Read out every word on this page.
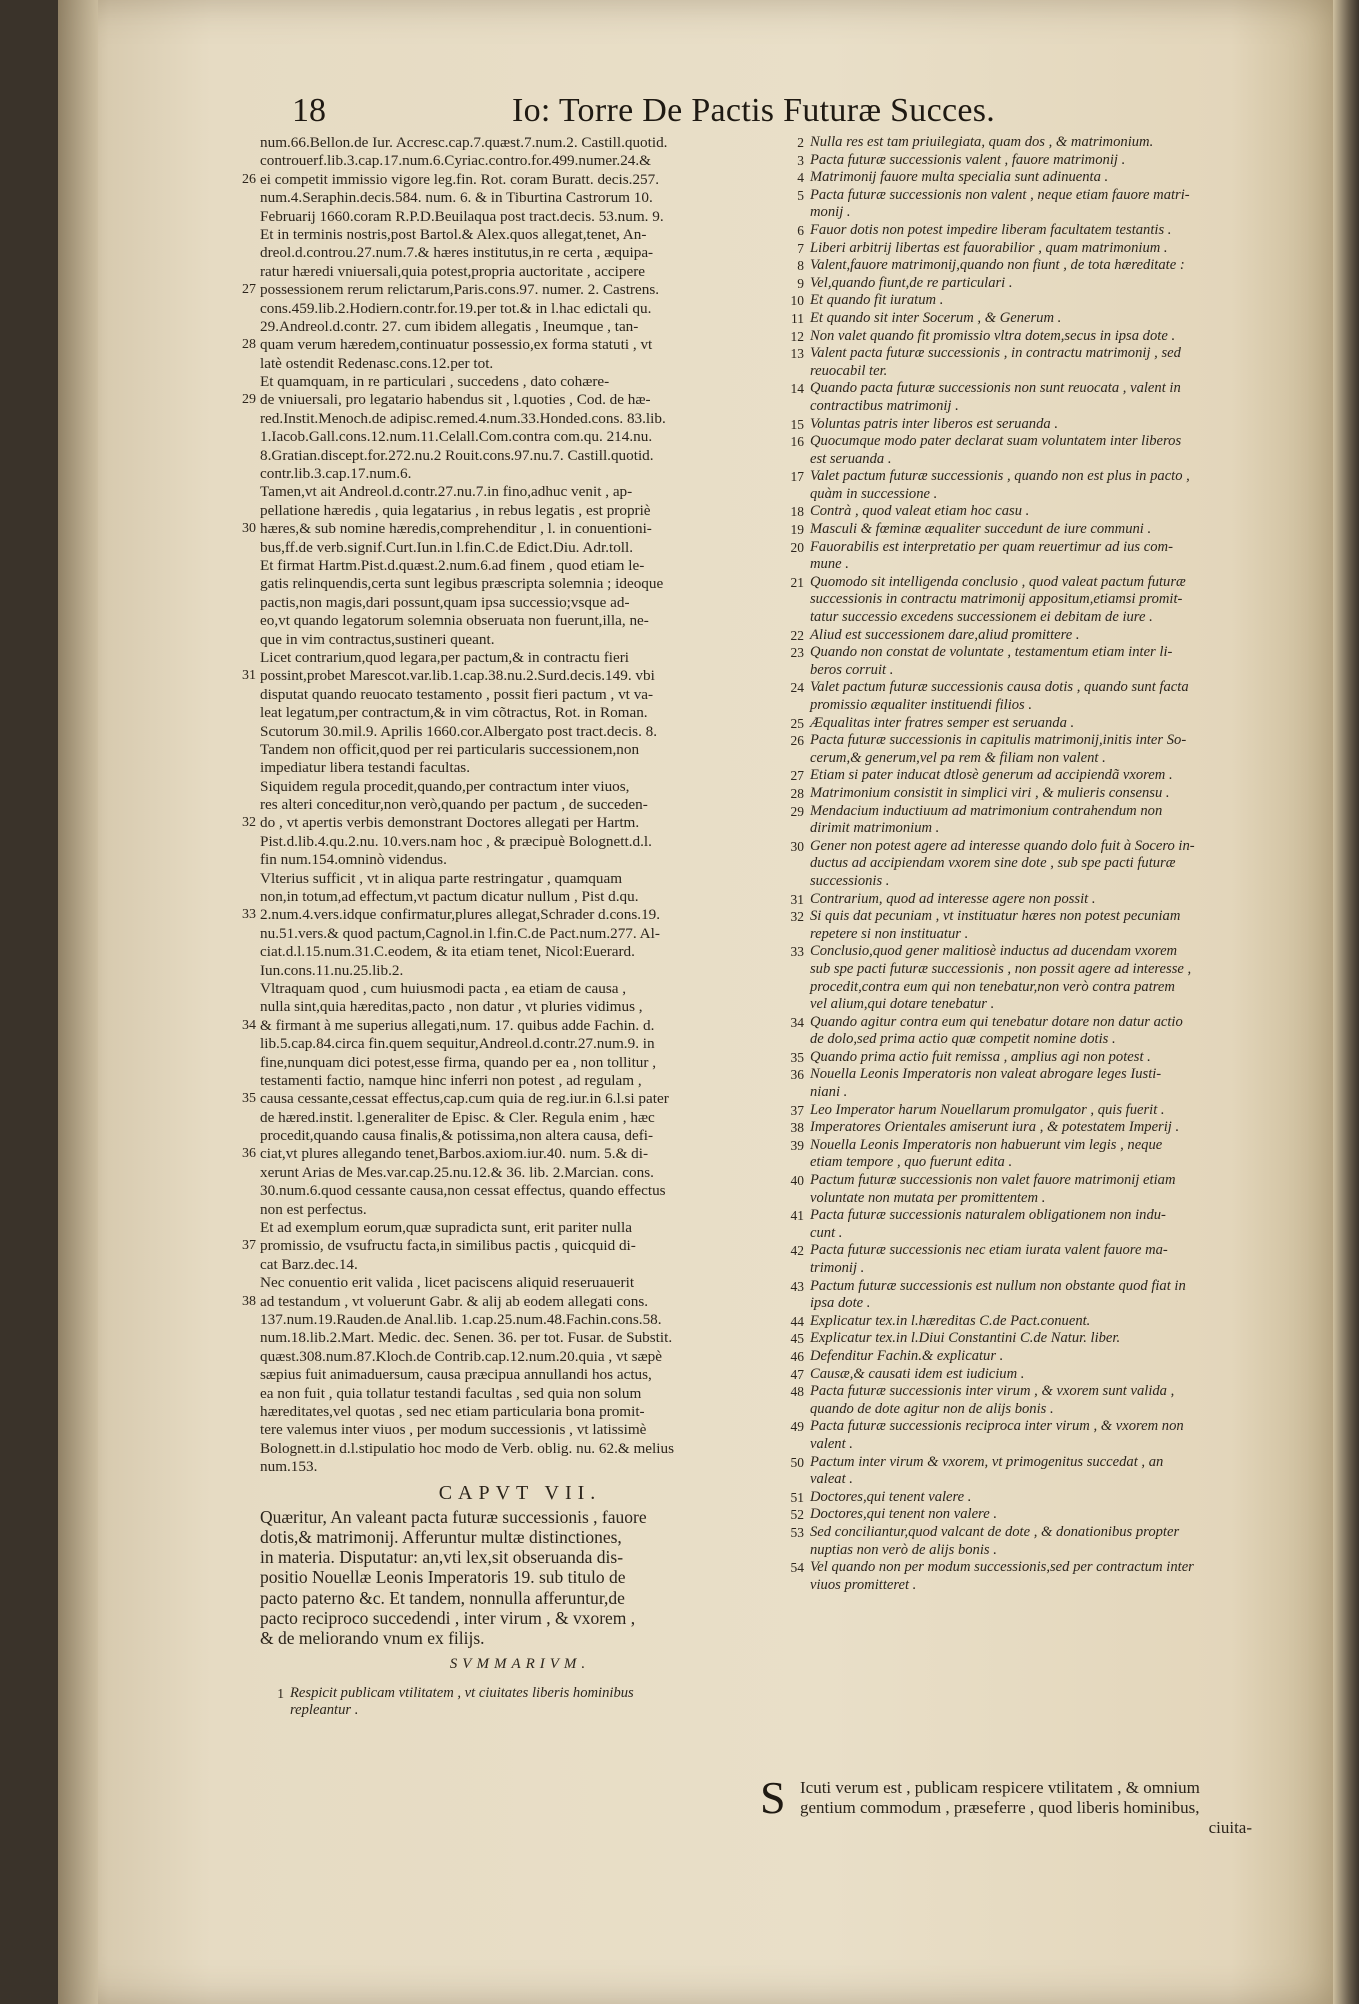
18	Io: Torre De Pactis Futuræ Succes.
num.66.Bellon.de Iur. Accresc.cap.7.quæst.7.num.2. Castill.quotid.
controuerf.lib.3.cap.17.num.6.Cyriac.contro.for.499.numer.24.&
26 ei competit immissio vigore leg.fin. Rot. coram Buratt. decis.257.
num.4.Seraphin.decis.584. num. 6. & in Tiburtina Castrorum 10.
Februarij 1660.coram R.P.D.Beuilaqua post tract.decis. 53.num. 9.
Et in terminis nostris,post Bartol.& Alex.quos allegat,tenet, An-
dreol.d.controu.27.num.7.& hæres institutus,in re certa , æquipa-
ratur hæredi vniuersali,quia potest,propria auctoritate , accipere
27 possessionem rerum relictarum,Paris.cons.97. numer. 2. Castrens.
cons.459.lib.2.Hodiern.contr.for.19.per tot.& in l.hac edictali qu.
29.Andreol.d.contr. 27. cum ibidem allegatis , Ineumque , tan-
28 quam verum hæredem,continuatur possessio,ex forma statuti , vt
latè ostendit Redenasc.cons.12.per tot.
Et quamquam, in re particulari , succedens , dato cohære-
29 de vniuersali, pro legatario habendus sit , l.quoties , Cod. de hæ-
red.Instit.Menoch.de adipisc.remed.4.num.33.Honded.cons. 83.lib.
1.Iacob.Gall.cons.12.num.11.Celall.Com.contra com.qu. 214.nu.
8.Gratian.discept.for.272.nu.2 Rouit.cons.97.nu.7. Castill.quotid.
contr.lib.3.cap.17.num.6.
Tamen,vt ait Andreol.d.contr.27.nu.7.in fino,adhuc venit , ap-
pellatione hæredis , quia legatarius , in rebus legatis , est propriè
30 hæres,& sub nomine hæredis,comprehenditur , l. in conuentioni-
bus,ff.de verb.signif.Curt.Iun.in l.fin.C.de Edict.Diu. Adr.toll.
Et firmat Hartm.Pist.d.quæst.2.num.6.ad finem , quod etiam le-
gatis relinquendis,certa sunt legibus præscripta solemnia ; ideoque
pactis,non magis,dari possunt,quam ipsa successio;vsque ad-
eo,vt quando legatorum solemnia obseruata non fuerunt,illa, ne-
que in vim contractus,sustineri queant.
Licet contrarium,quod legara,per pactum,& in contractu fieri
31 possint,probet Marescot.var.lib.1.cap.38.nu.2.Surd.decis.149. vbi
disputat quando reuocato testamento , possit fieri pactum , vt va-
leat legatum,per contractum,& in vim cõtractus, Rot. in Roman.
Scutorum 30.mil.9. Aprilis 1660.cor.Albergato post tract.decis. 8.
Tandem non officit,quod per rei particularis successionem,non
impediatur libera testandi facultas.
Siquidem regula procedit,quando,per contractum inter viuos,
res alteri conceditur,non verò,quando per pactum , de succeden-
32 do , vt apertis verbis demonstrant Doctores allegati per Hartm.
Pist.d.lib.4.qu.2.nu. 10.vers.nam hoc , & præcipuè Bolognett.d.l.
fin num.154.omninò videndus.
Vlterius sufficit , vt in aliqua parte restringatur , quamquam
non,in totum,ad effectum,vt pactum dicatur nullum , Pist d.qu.
33 2.num.4.vers.idque confirmatur,plures allegat,Schrader d.cons.19.
nu.51.vers.& quod pactum,Cagnol.in l.fin.C.de Pact.num.277. Al-
ciat.d.l.15.num.31.C.eodem, & ita etiam tenet, Nicol:Euerard.
Iun.cons.11.nu.25.lib.2.
Vltraquam quod , cum huiusmodi pacta , ea etiam de causa ,
nulla sint,quia hæreditas,pacto , non datur , vt pluries vidimus ,
34 & firmant à me superius allegati,num. 17. quibus adde Fachin. d.
lib.5.cap.84.circa fin.quem sequitur,Andreol.d.contr.27.num.9. in
fine,nunquam dici potest,esse firma, quando per ea , non tollitur ,
testamenti factio, namque hinc inferri non potest , ad regulam ,
35 causa cessante,cessat effectus,cap.cum quia de reg.iur.in 6.l.si pater
de hæred.instit. l.generaliter de Episc. & Cler. Regula enim , hæc
procedit,quando causa finalis,& potissima,non altera causa, defi-
36 ciat,vt plures allegando tenet,Barbos.axiom.iur.40. num. 5.& di-
xerunt Arias de Mes.var.cap.25.nu.12.& 36. lib. 2.Marcian. cons.
30.num.6.quod cessante causa,non cessat effectus, quando effectus
non est perfectus.
Et ad exemplum eorum,quæ supradicta sunt, erit pariter nulla
37 promissio, de vsufructu facta,in similibus pactis , quicquid di-
cat Barz.dec.14.
Nec conuentio erit valida , licet paciscens aliquid reseruauerit
38 ad testandum , vt voluerunt Gabr. & alij ab eodem allegati cons.
137.num.19.Rauden.de Anal.lib. 1.cap.25.num.48.Fachin.cons.58.
num.18.lib.2.Mart. Medic. dec. Senen. 36. per tot. Fusar. de Substit.
quæst.308.num.87.Kloch.de Contrib.cap.12.num.20.quia , vt sæpè
sæpius fuit animaduersum, causa præcipua annullandi hos actus,
ea non fuit , quia tollatur testandi facultas , sed quia non solum
hæreditates,vel quotas , sed nec etiam particularia bona promit-
tere valemus inter viuos , per modum successionis , vt latissimè
Bolognett.in d.l.stipulatio hoc modo de Verb. oblig. nu. 62.& melius
num.153.
CAPVT VII.
Quæritur, An valeant pacta futuræ successionis , fauore
dotis,& matrimonij. Afferuntur multæ distinctiones,
in materia. Disputatur: an,vti lex,sit obseruanda dis-
positio Nouellæ Leonis Imperatoris 19. sub titulo de
pacto paterno &c. Et tandem, nonnulla afferuntur,de
pacto reciproco succedendi , inter virum , & vxorem ,
& de meliorando vnum ex filijs.
SVMMARIVM.
1 Respicit publicam vtilitatem , vt ciuitates liberis hominibus
repleantur .
2 Nulla res est tam priuilegiata, quam dos , & matrimonium.
3 Pacta futuræ successionis valent , fauore matrimonij .
4 Matrimonij fauore multa specialia sunt adinuenta .
5 Pacta futuræ successionis non valent , neque etiam fauore matri-
monij .
6 Fauor dotis non potest impedire liberam facultatem testantis .
7 Liberi arbitrij libertas est fauorabilior , quam matrimonium .
8 Valent,fauore matrimonij,quando non fiunt , de tota hæreditate :
9 Vel,quando fiunt,de re particulari .
10 Et quando fit iuratum .
11 Et quando sit inter Socerum , & Generum .
12 Non valet quando fit promissio vltra dotem,secus in ipsa dote .
13 Valent pacta futuræ successionis , in contractu matrimonij , sed
reuocabil ter.
14 Quando pacta futuræ successionis non sunt reuocata , valent in
contractibus matrimonij .
15 Voluntas patris inter liberos est seruanda .
16 Quocumque modo pater declarat suam voluntatem inter liberos
est seruanda .
17 Valet pactum futuræ successionis , quando non est plus in pacto ,
quàm in successione .
18 Contrà , quod valeat etiam hoc casu .
19 Masculi & fœminæ æqualiter succedunt de iure communi .
20 Fauorabilis est interpretatio per quam reuertimur ad ius com-
mune .
21 Quomodo sit intelligenda conclusio , quod valeat pactum futuræ
successionis in contractu matrimonij appositum,etiamsi promit-
tatur successio excedens successionem ei debitam de iure .
22 Aliud est successionem dare,aliud promittere .
23 Quando non constat de voluntate , testamentum etiam inter li-
beros corruit .
24 Valet pactum futuræ successionis causa dotis , quando sunt facta
promissio æqualiter instituendi filios .
25 Æqualitas inter fratres semper est seruanda .
26 Pacta futuræ successionis in capitulis matrimonij,initis inter So-
cerum,& generum,vel pa rem & filiam non valent .
27 Etiam si pater inducat dtlosè generum ad accipiendã vxorem .
28 Matrimonium consistit in simplici viri , & mulieris consensu .
29 Mendacium inductiuum ad matrimonium contrahendum non
dirimit matrimonium .
30 Gener non potest agere ad interesse quando dolo fuit à Socero in-
ductus ad accipiendam vxorem sine dote , sub spe pacti futuræ
successionis .
31 Contrarium, quod ad interesse agere non possit .
32 Si quis dat pecuniam , vt instituatur hæres non potest pecuniam
repetere si non instituatur .
33 Conclusio,quod gener malitiosè inductus ad ducendam vxorem
sub spe pacti futuræ successionis , non possit agere ad interesse ,
procedit,contra eum qui non tenebatur,non verò contra patrem
vel alium,qui dotare tenebatur .
34 Quando agitur contra eum qui tenebatur dotare non datur actio
de dolo,sed prima actio quæ competit nomine dotis .
35 Quando prima actio fuit remissa , amplius agi non potest .
36 Nouella Leonis Imperatoris non valeat abrogare leges Iusti-
niani .
37 Leo Imperator harum Nouellarum promulgator , quis fuerit .
38 Imperatores Orientales amiserunt iura , & potestatem Imperij .
39 Nouella Leonis Imperatoris non habuerunt vim legis , neque
etiam tempore , quo fuerunt edita .
40 Pactum futuræ successionis non valet fauore matrimonij etiam
voluntate non mutata per promittentem .
41 Pacta futuræ successionis naturalem obligationem non indu-
cunt .
42 Pacta futuræ successionis nec etiam iurata valent fauore ma-
trimonij .
43 Pactum futuræ successionis est nullum non obstante quod fiat in
ipsa dote .
44 Explicatur tex.in l.hæreditas C.de Pact.conuent.
45 Explicatur tex.in l.Diui Constantini C.de Natur. liber.
46 Defenditur Fachin.& explicatur .
47 Causæ,& causati idem est iudicium .
48 Pacta futuræ successionis inter virum , & vxorem sunt valida ,
quando de dote agitur non de alijs bonis .
49 Pacta futuræ successionis reciproca inter virum , & vxorem non
valent .
50 Pactum inter virum & vxorem, vt primogenitus succedat , an
valeat .
51 Doctores,qui tenent valere .
52 Doctores,qui tenent non valere .
53 Sed conciliantur,quod valcant de dote , & donationibus propter
nuptias non verò de alijs bonis .
54 Vel quando non per modum successionis,sed per contractum inter
viuos promitteret .
S Icuti verum est , publicam respicere vtilitatem , & omnium
gentium commodum , præseferre , quod liberis hominibus,
ciuita-
